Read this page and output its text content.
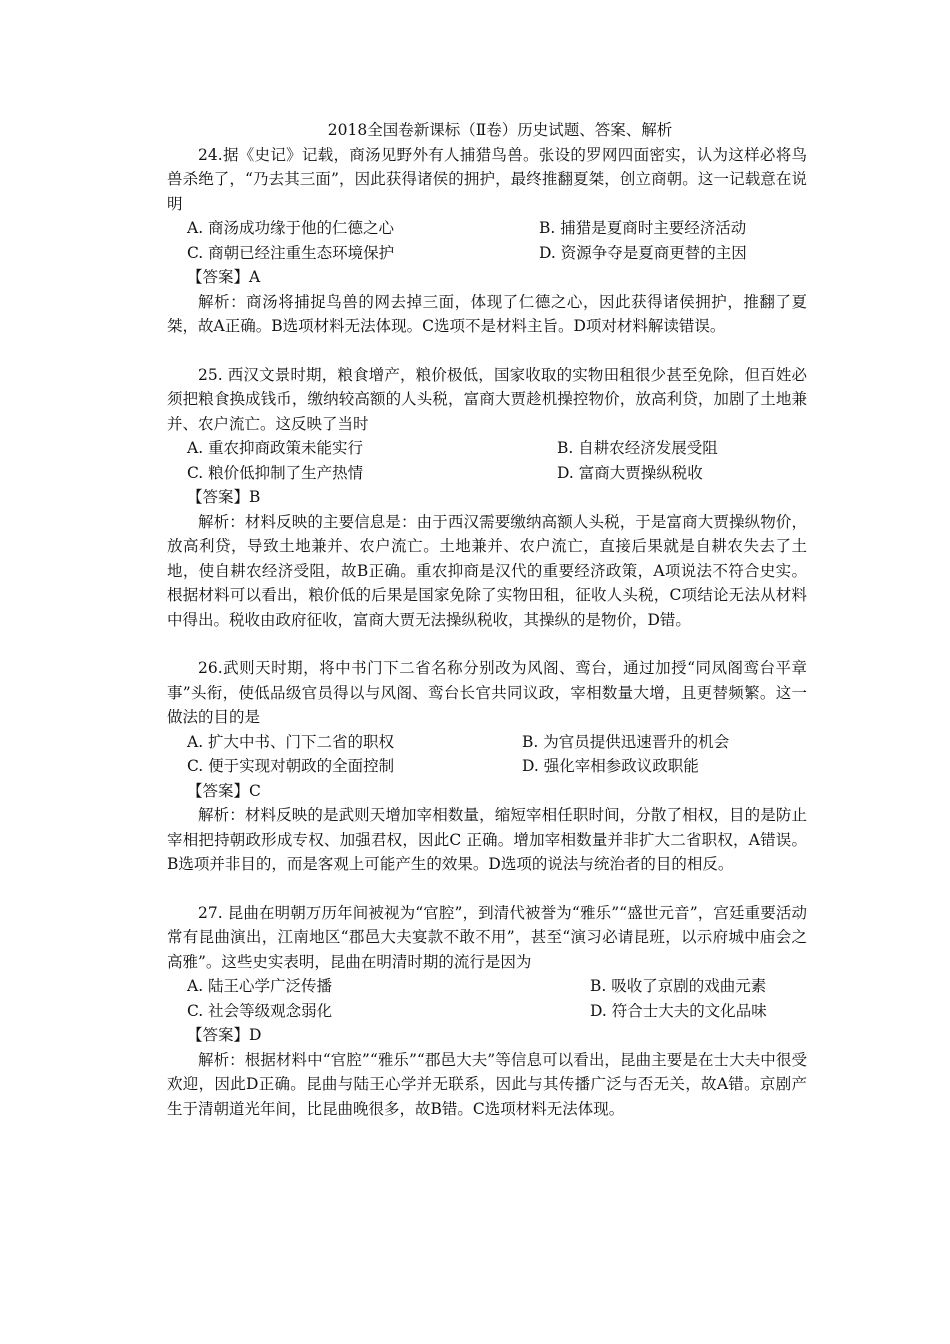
2018全国卷新课标（Ⅱ卷）历史试题、答案、解析

24.据《史记》记载，商汤见野外有人捕猎鸟兽。张设的罗网四面密实，认为这样必将鸟兽杀绝了，“乃去其三面”，因此获得诸侯的拥护，最终推翻夏桀，创立商朝。这一记载意在说明

A. 商汤成功缘于他的仁德之心	B. 捕猎是夏商时主要经济活动
C. 商朝已经注重生态环境保护	D. 资源争夺是夏商更替的主因

【答案】A

解析：商汤将捕捉鸟兽的网去掉三面，体现了仁德之心，因此获得诸侯拥护，推翻了夏桀，故A正确。B选项材料无法体现。C选项不是材料主旨。D项对材料解读错误。

25. 西汉文景时期，粮食增产，粮价极低，国家收取的实物田租很少甚至免除，但百姓必须把粮食换成钱币，缴纳较高额的人头税，富商大贾趁机操控物价，放高利贷，加剧了土地兼并、农户流亡。这反映了当时

A. 重农抑商政策未能实行	B. 自耕农经济发展受阻
C. 粮价低抑制了生产热情	D. 富商大贾操纵税收

【答案】B

解析：材料反映的主要信息是：由于西汉需要缴纳高额人头税，于是富商大贾操纵物价，放高利贷，导致土地兼并、农户流亡。土地兼并、农户流亡，直接后果就是自耕农失去了土地，使自耕农经济受阻，故B正确。重农抑商是汉代的重要经济政策，A项说法不符合史实。根据材料可以看出，粮价低的后果是国家免除了实物田租，征收人头税，C项结论无法从材料中得出。税收由政府征收，富商大贾无法操纵税收，其操纵的是物价，D错。

26.武则天时期，将中书门下二省名称分别改为风阁、鸾台，通过加授“同凤阁鸾台平章事”头衔，使低品级官员得以与风阁、鸾台长官共同议政，宰相数量大增，且更替频繁。这一做法的目的是

A. 扩大中书、门下二省的职权	B. 为官员提供迅速晋升的机会
C. 便于实现对朝政的全面控制	D. 强化宰相参政议政职能

【答案】C

解析：材料反映的是武则天增加宰相数量，缩短宰相任职时间，分散了相权，目的是防止宰相把持朝政形成专权、加强君权，因此C 正确。增加宰相数量并非扩大二省职权，A错误。B选项并非目的，而是客观上可能产生的效果。D选项的说法与统治者的目的相反。

27. 昆曲在明朝万历年间被视为“官腔”，到清代被誉为“雅乐”“盛世元音”，宫廷重要活动常有昆曲演出，江南地区“郡邑大夫宴款不敢不用”，甚至“演习必请昆班，以示府城中庙会之高雅”。这些史实表明，昆曲在明清时期的流行是因为

A. 陆王心学广泛传播	B. 吸收了京剧的戏曲元素
C. 社会等级观念弱化	D. 符合士大夫的文化品味

【答案】D

解析：根据材料中“官腔”“雅乐”“郡邑大夫”等信息可以看出，昆曲主要是在士大夫中很受欢迎，因此D正确。昆曲与陆王心学并无联系，因此与其传播广泛与否无关，故A错。京剧产生于清朝道光年间，比昆曲晚很多，故B错。C选项材料无法体现。
